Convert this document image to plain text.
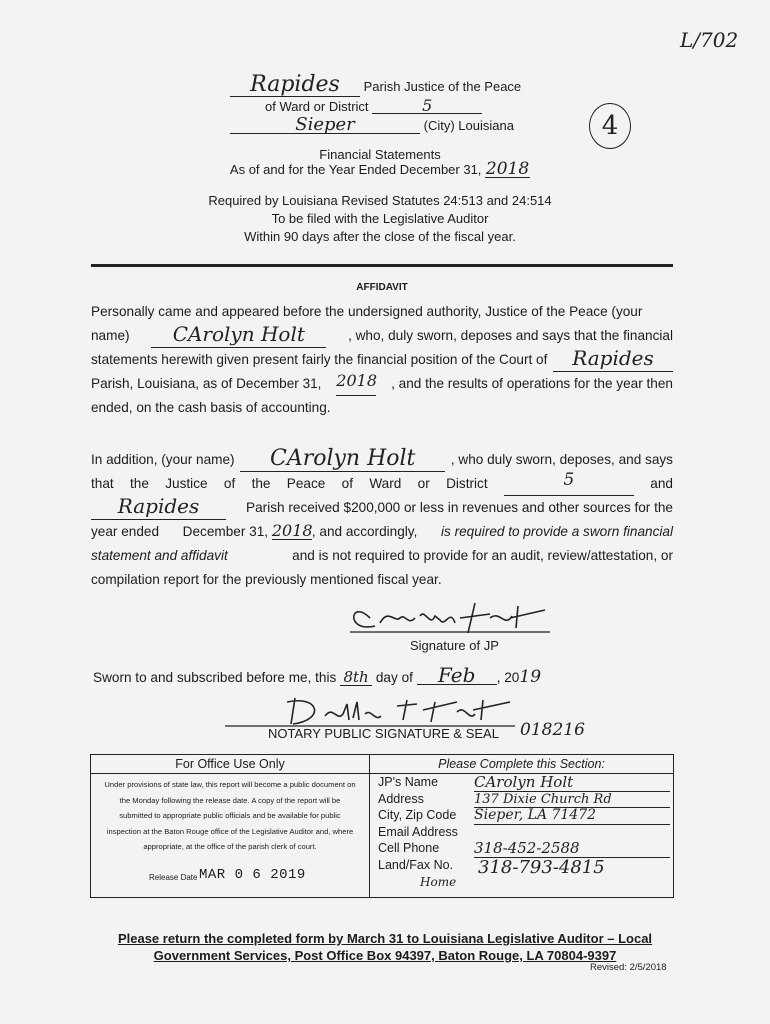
L/702
4
Rapides Parish Justice of the Peace
of Ward or District	5
Sieper	(City) Louisiana
Financial Statements
As of and for the Year Ended December 31, 2018
Required by Louisiana Revised Statutes 24:513 and 24:514
To be filed with the Legislative Auditor
Within 90 days after the close of the fiscal year.
AFFIDAVIT
Personally came and appeared before the undersigned authority, Justice of the Peace (your
name)	CArolyn Holt	, who, duly sworn, deposes and says that the financial
statements herewith given present fairly the financial position of the Court of	Rapides
Parish, Louisiana, as of December 31, 2018 , and the results of operations for the year then
ended, on the cash basis of accounting.
In addition, (your name)	CArolyn Holt	, who duly sworn, deposes, and says
that the Justice of the Peace of Ward or District	5	and
Rapides	Parish received $200,000 or less in revenues and other sources for the
year ended December 31, 2018, and accordingly, is required to provide a sworn financial
statement and affidavit	and is not required to provide for an audit, review/attestation, or
compilation report for the previously mentioned fiscal year.
Signature of JP
Sworn to and subscribed before me, this 8th day of Feb , 2019
NOTARY PUBLIC SIGNATURE & SEAL 018216
For Office Use Only
Under provisions of state law, this report will become a public document on the Monday following the release date. A copy of the report will be submitted to appropriate public officials and be available for public inspection at the Baton Rouge office of the Legislative Auditor and, where appropriate, at the office of the parish clerk of court.
Release Date MAR 0 6 2019
Please Complete this Section:
JP's Name	CArolyn Holt
Address	137 Dixie Church Rd
City, Zip Code	Sieper, LA 71472
Email Address
Cell Phone	318-452-2588
Land/Fax No.	318-793-4815
Home
Please return the completed form by March 31 to Louisiana Legislative Auditor – Local
Government Services, Post Office Box 94397, Baton Rouge, LA 70804-9397
Revised: 2/5/2018
